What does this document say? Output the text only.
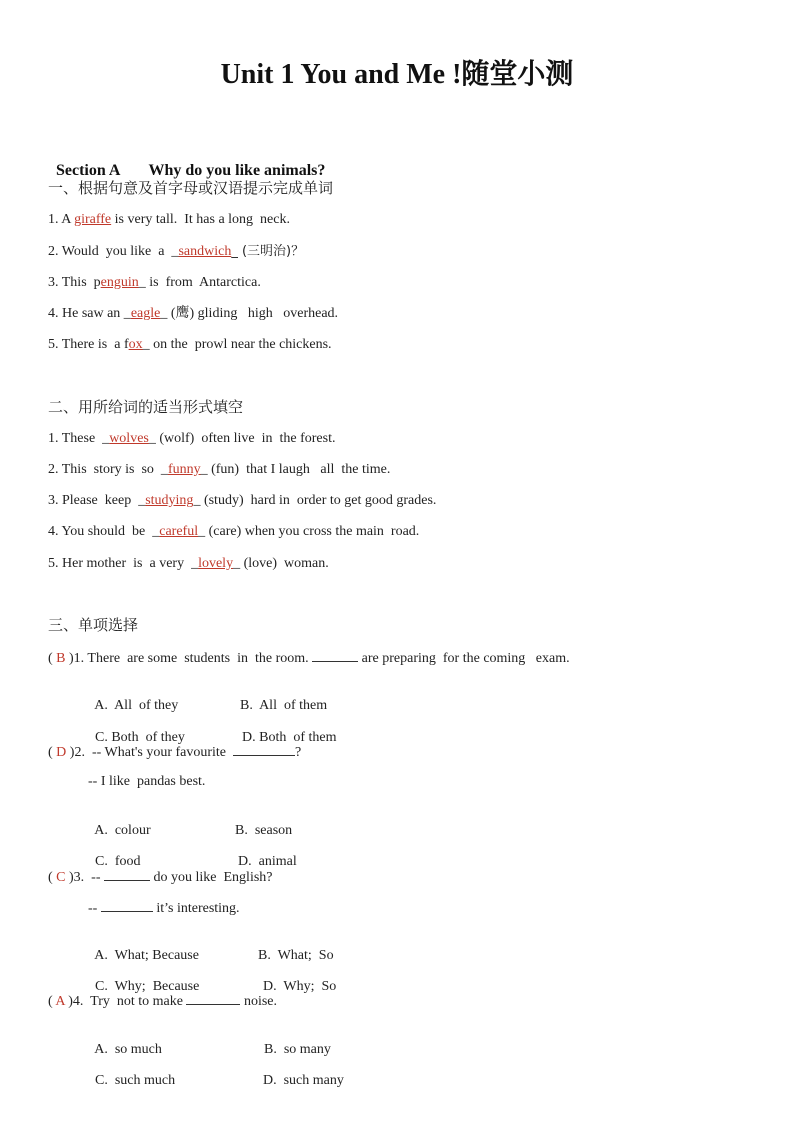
Unit 1 You and Me !随堂小测

Section A Why do you like animals?

一、根据句意及首字母或汉语提示完成单词
1. A giraffe is very tall.  It has a long  neck.
2. Would  you like  a  _sandwich_ (三明治)？
3. This  penguin_ is  from  Antarctica.
4. He saw an _eagle_ (鹰) gliding   high   overhead.
5. There is  a fox_ on the  prowl near the chickens.
二、用所给词的适当形式填空
1. These  _wolves_ (wolf)  often live  in  the forest.
2. This  story is  so  _funny_ (fun)  that I laugh   all  the time.
3. Please  keep  _studying_ (study)  hard in  order to get good grades.
4. You should  be  _careful_ (care) when you cross the main  road.
5. Her mother  is  a very  _lovely_ (love)  woman.
三、单项选择
( B )1. There  are some  students  in  the room.	are preparing  for the coming   exam.

A.  All  of they	B.  All  of them

C. Both  of they	D. Both  of them

( D )2.  -- What's your favourite	?
-- I like  pandas best.

A.  colour	B.  season

C.  food	D.  animal

( C )3.  --	do you like  English?
--	it’s interesting.

A.  What; Because	B.  What;  So

C.  Why;  Because	D.  Why;  So

( A )4.  Try  not to make	noise.

A.  so much	B.  so many

C.  such much	D.  such many
